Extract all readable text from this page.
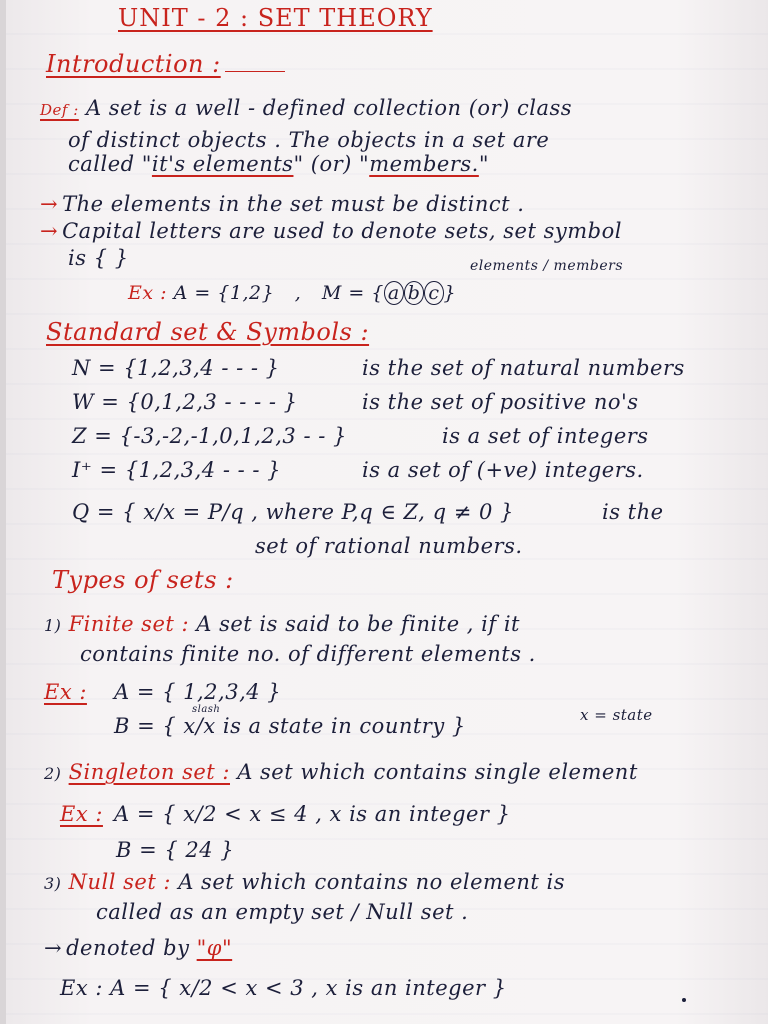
UNIT - 2 : SET THEORY
Introduction :
Def : A set is a well - defined collection (or) class
of distinct objects . The objects in a set are
called "it's elements" (or) "members."
→ The elements in the set must be distinct .
→ Capital letters are used to denote sets, set symbol
is { }	elements / members
Ex : A = {1,2} , M = { a b c }
Standard set & Symbols :
N = {1,2,3,4 - - - }	is the set of natural numbers
W = {0,1,2,3 - - - - }	is the set of positive no's
Z = {-3,-2,-1,0,1,2,3 - - }	is a set of integers
I⁺ = {1,2,3,4 - - - }	is a set of (+ve) integers.
Q = { x/x = P/q , where P,q ∈ Z, q ≠ 0 }	is the
set of rational numbers.
Types of sets :
1) Finite set : A set is said to be finite , if it
contains finite no. of different elements .
Ex : A = { 1,2,3,4 }
slash
B = { x/x is a state in country }	x = state
2) Singleton set : A set which contains single element
Ex : A = { x/2 < x ≤ 4 , x is an integer }
B = { 24 }
3) Null set : A set which contains no element is
called as an empty set / Null set .
→ denoted by "φ"
Ex : A = { x/2 < x < 3 , x is an integer }
